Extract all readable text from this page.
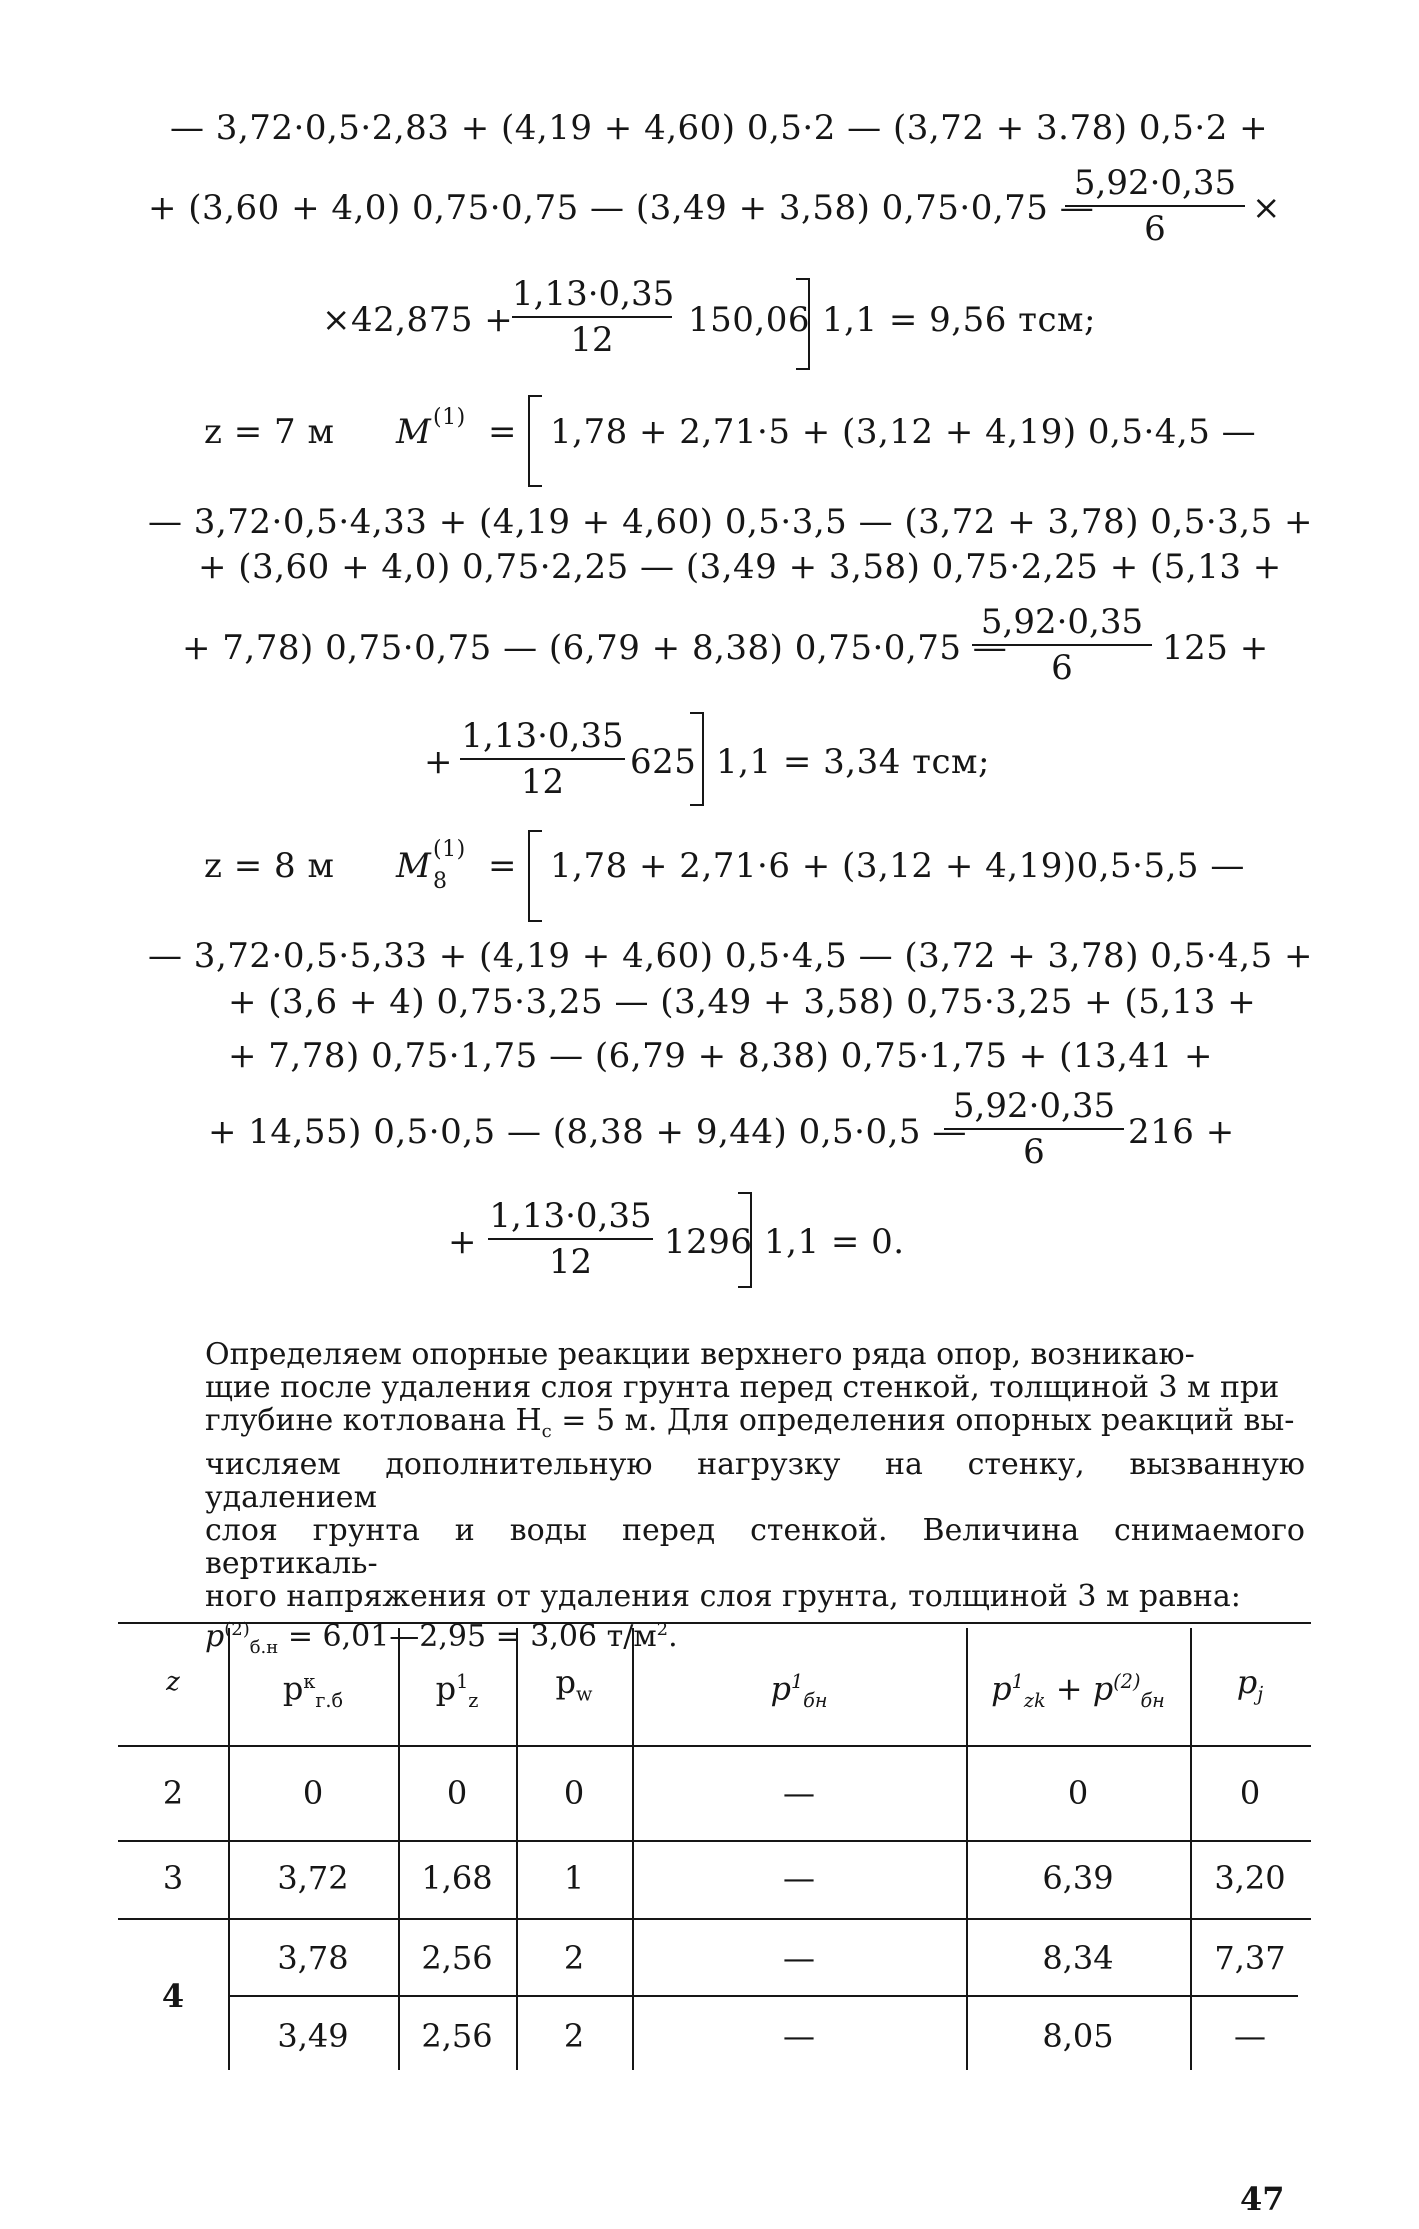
— 3,72·0,5·2,83 + (4,19 + 4,60) 0,5·2 — (3,72 + 3.78) 0,5·2 +
+ (3,60 + 4,0) 0,75·0,75 — (3,49 + 3,58) 0,75·0,75 —
5,92·0,35
6
×
×42,875 +
1,13·0,35
12	150,06 1,1 = 9,56 тсм;
z = 7 м M (1) = 1,78 + 2,71·5 + (3,12 + 4,19) 0,5·4,5 —
— 3,72·0,5·4,33 + (4,19 + 4,60) 0,5·3,5 — (3,72 + 3,78) 0,5·3,5 +
+ (3,60 + 4,0) 0,75·2,25 — (3,49 + 3,58) 0,75·2,25 + (5,13 +
+ 7,78) 0,75·0,75 — (6,79 + 8,38) 0,75·0,75 —
5,92·0,35
6	125 +
+
1,13·0,35
12	625 1,1 = 3,34 тсм;
z = 8 м M (1)
8 = 1,78 + 2,71·6 + (3,12 + 4,19)0,5·5,5 —
— 3,72·0,5·5,33 + (4,19 + 4,60) 0,5·4,5 — (3,72 + 3,78) 0,5·4,5 +
+ (3,6 + 4) 0,75·3,25 — (3,49 + 3,58) 0,75·3,25 + (5,13 +
+ 7,78) 0,75·1,75 — (6,79 + 8,38) 0,75·1,75 + (13,41 +
+ 14,55) 0,5·0,5 — (8,38 + 9,44) 0,5·0,5 —
5,92·0,35
6	216 +
+
1,13·0,35
12	1296 1,1 = 0.
Определяем опорные реакции верхнего ряда опор, возникаю-
щие после удаления слоя грунта перед стенкой, толщиной 3 м при
глубине котлована $H_c = 5$ м. Для определения опорных реакций вы-
числяем дополнительную нагрузку на стенку, вызванную удалением
слоя грунта и воды перед стенкой. Величина снимаемого вертикаль-
ного напряжения от удаления слоя грунта, толщиной 3 м равна:
$p^{(2)}_{б.н}$ = 6,01—2,95 = 3,06 $т/м^2$.
z	$p^к_{г.б}$	$p^1_z$	$p_w$	$p^1_{бн}$	$p^1_{zk} + p^{(2)}_{бн}$	$p_j$
2	0	0	0	—	0	0
3	3,72	1,68	1	—	6,39	3,20
4
3,78	2,56	2	—	8,34	7,37
3,49	2,56	2	—	8,05	—
47
